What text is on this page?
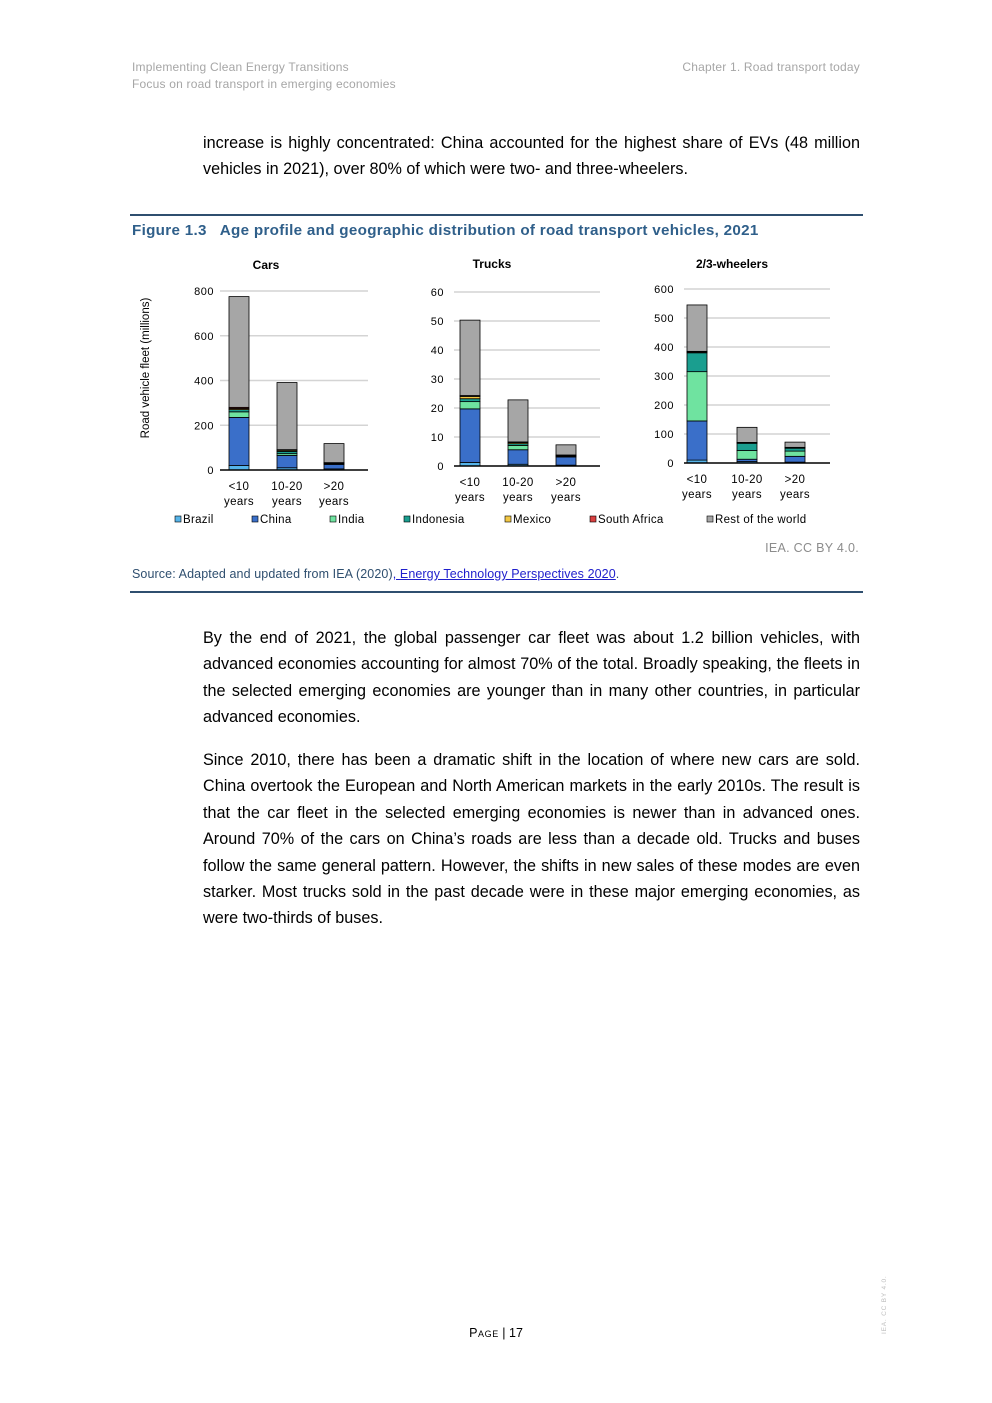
Implementing Clean Energy Transitions
Focus on road transport in emerging economies
Chapter 1. Road transport today

increase is highly concentrated: China accounted for the highest share of EVs (48 million vehicles in 2021), over 80% of which were two- and three-wheelers.

Figure 1.3 Age profile and geographic distribution of road transport vehicles, 2021
Road vehicle fleet (millions)
Cars
0
200
400
600
800
<10 years
10-20 years
>20 years
Trucks
0
10
20
30
40
50
60
<10 years
10-20 years
>20 years
2/3-wheelers
0
100
200
300
400
500
600
<10 years
10-20 years
>20 years
Brazil	China	India	Indonesia	Mexico	South Africa	Rest of the world
IEA. CC BY 4.0.
Source: Adapted and updated from IEA (2020), Energy Technology Perspectives 2020.

By the end of 2021, the global passenger car fleet was about 1.2 billion vehicles, with advanced economies accounting for almost 70% of the total. Broadly speaking, the fleets in the selected emerging economies are younger than in many other countries, in particular advanced economies.

Since 2010, there has been a dramatic shift in the location of where new cars are sold. China overtook the European and North American markets in the early 2010s. The result is that the car fleet in the selected emerging economies is newer than in advanced ones. Around 70% of the cars on China’s roads are less than a decade old. Trucks and buses follow the same general pattern. However, the shifts in new sales of these modes are even starker. Most trucks sold in the past decade were in these major emerging economies, as were two-thirds of buses.

Page | 17	IEA. CC BY 4.0.
